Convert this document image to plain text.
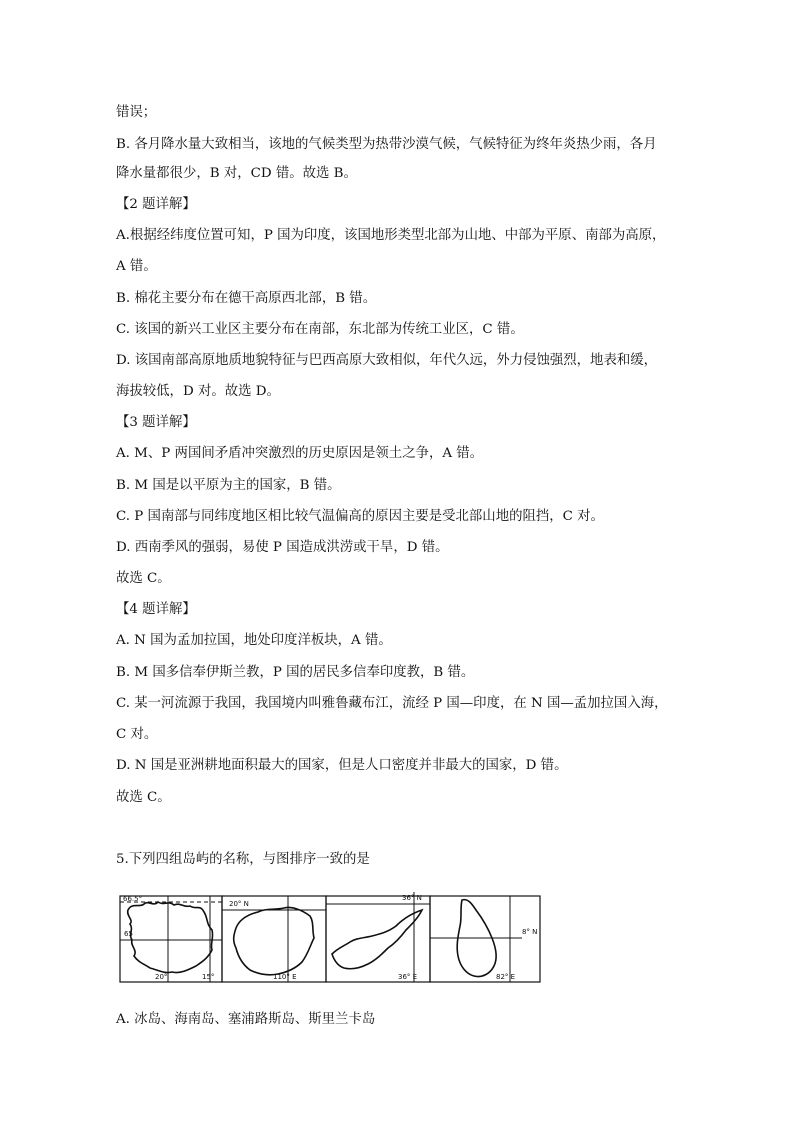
错误；
B. 各月降水量大致相当，该地的气候类型为热带沙漠气候，气候特征为终年炎热少雨，各月
降水量都很少，B 对，CD 错。故选 B。
【2 题详解】
A.根据经纬度位置可知，P 国为印度，该国地形类型北部为山地、中部为平原、南部为高原，
A 错。
B. 棉花主要分布在德干高原西北部，B 错。
C. 该国的新兴工业区主要分布在南部，东北部为传统工业区，C 错。
D. 该国南部高原地质地貌特征与巴西高原大致相似，年代久远，外力侵蚀强烈，地表和缓，
海拔较低，D 对。故选 D。
【3 题详解】
A. M、P 两国间矛盾冲突激烈的历史原因是领土之争，A 错。
B. M 国是以平原为主的国家，B 错。
C. P 国南部与同纬度地区相比较气温偏高的原因主要是受北部山地的阻挡，C 对。
D. 西南季风的强弱，易使 P 国造成洪涝或干旱，D 错。
故选 C。
【4 题详解】
A. N 国为孟加拉国，地处印度洋板块，A 错。
B. M 国多信奉伊斯兰教，P 国的居民多信奉印度教，B 错。
C. 某一河流源于我国，我国境内叫雅鲁藏布江，流经 P 国—印度，在 N 国—孟加拉国入海，
C 对。
D. N 国是亚洲耕地面积最大的国家，但是人口密度并非最大的国家，D 错。
故选 C。
5.下列四组岛屿的名称，与图排序一致的是
66.5°
65
20°	15°
20° N
110° E
36° N
36° E
8° N
82° E
A. 冰岛、海南岛、塞浦路斯岛、斯里兰卡岛
